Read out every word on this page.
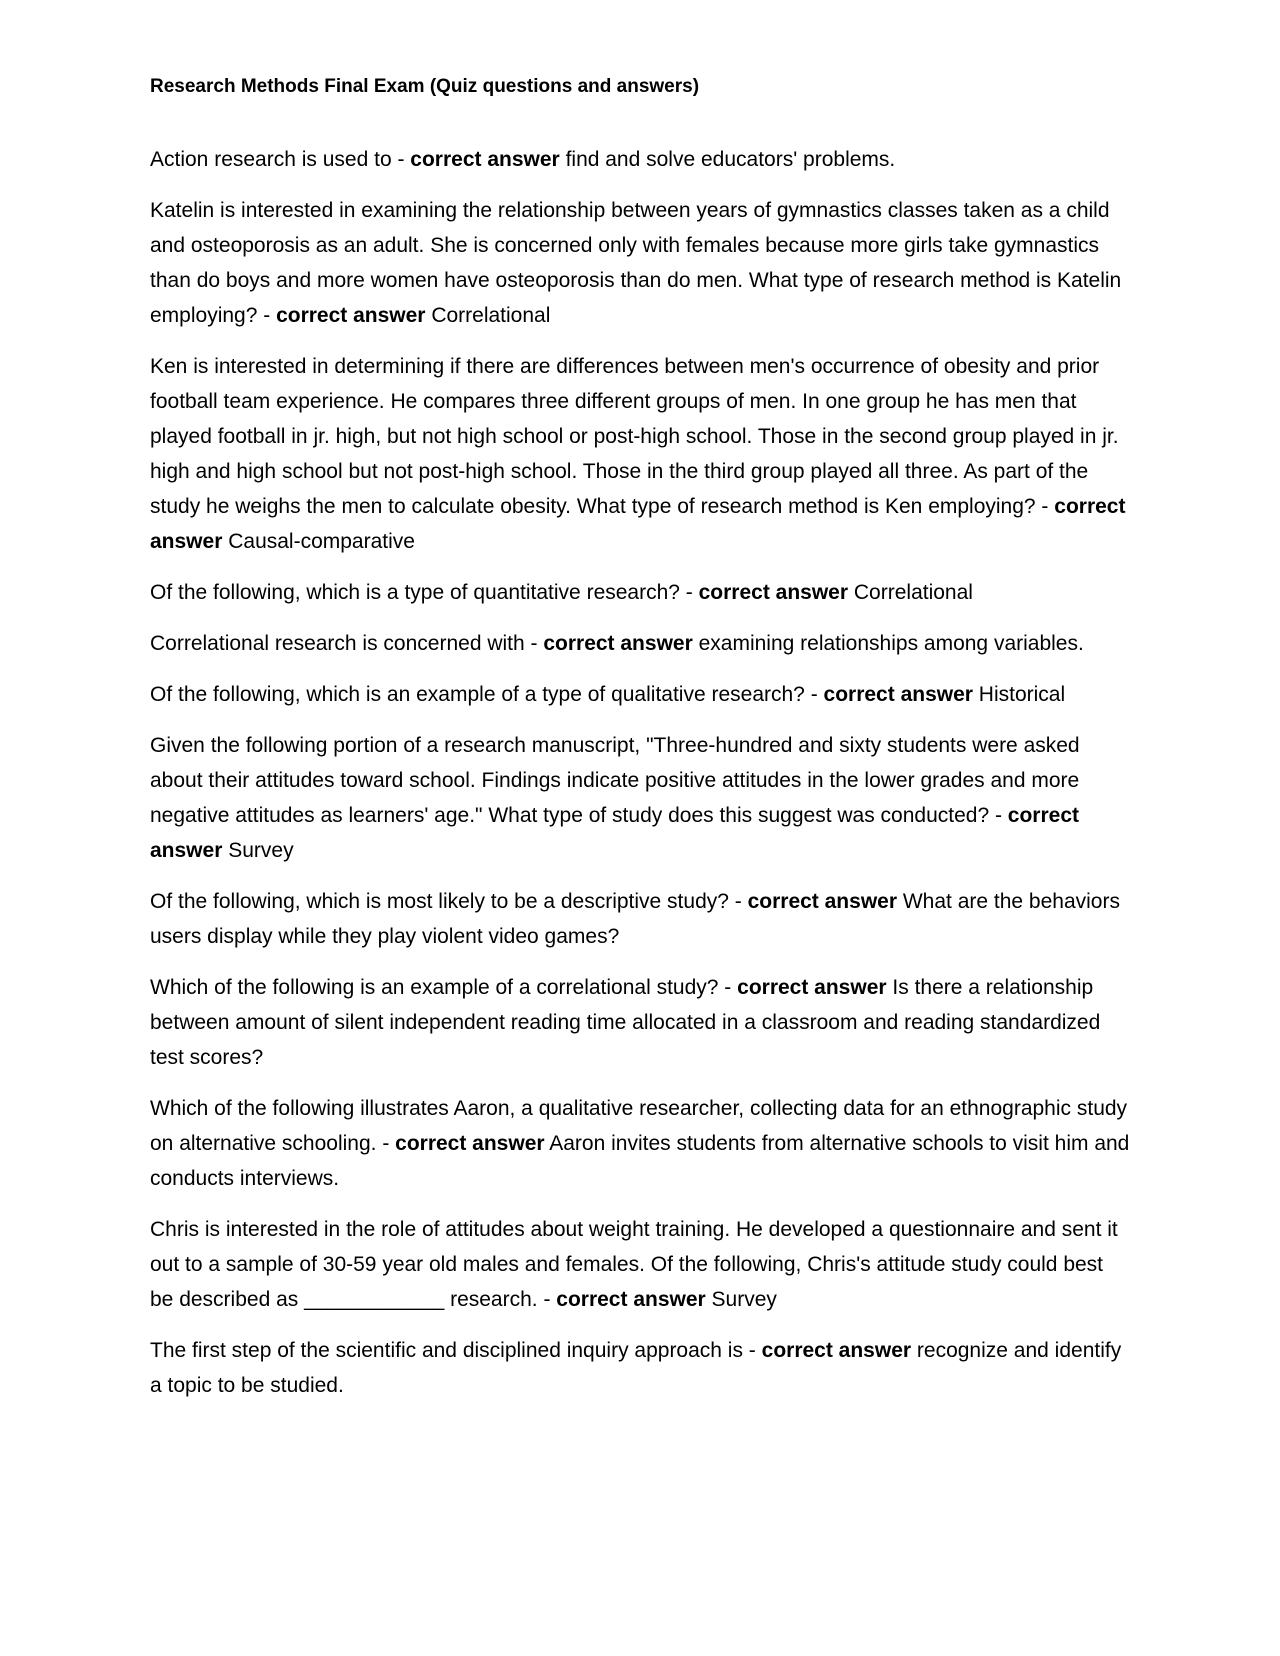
Research Methods Final Exam (Quiz questions and answers)

Action research is used to - correct answer find and solve educators' problems.

Katelin is interested in examining the relationship between years of gymnastics classes taken as a child and osteoporosis as an adult. She is concerned only with females because more girls take gymnastics than do boys and more women have osteoporosis than do men. What type of research method is Katelin employing? - correct answer Correlational

Ken is interested in determining if there are differences between men's occurrence of obesity and prior football team experience. He compares three different groups of men. In one group he has men that played football in jr. high, but not high school or post-high school. Those in the second group played in jr. high and high school but not post-high school. Those in the third group played all three. As part of the study he weighs the men to calculate obesity. What type of research method is Ken employing? - correct answer Causal-comparative

Of the following, which is a type of quantitative research? - correct answer Correlational

Correlational research is concerned with - correct answer examining relationships among variables.

Of the following, which is an example of a type of qualitative research? - correct answer Historical

Given the following portion of a research manuscript, "Three-hundred and sixty students were asked about their attitudes toward school. Findings indicate positive attitudes in the lower grades and more negative attitudes as learners' age." What type of study does this suggest was conducted? - correct answer Survey

Of the following, which is most likely to be a descriptive study? - correct answer What are the behaviors users display while they play violent video games?

Which of the following is an example of a correlational study? - correct answer Is there a relationship between amount of silent independent reading time allocated in a classroom and reading standardized test scores?

Which of the following illustrates Aaron, a qualitative researcher, collecting data for an ethnographic study on alternative schooling. - correct answer Aaron invites students from alternative schools to visit him and conducts interviews.

Chris is interested in the role of attitudes about weight training. He developed a questionnaire and sent it out to a sample of 30-59 year old males and females. Of the following, Chris's attitude study could best be described as ____________ research. - correct answer Survey

The first step of the scientific and disciplined inquiry approach is - correct answer recognize and identify a topic to be studied.
